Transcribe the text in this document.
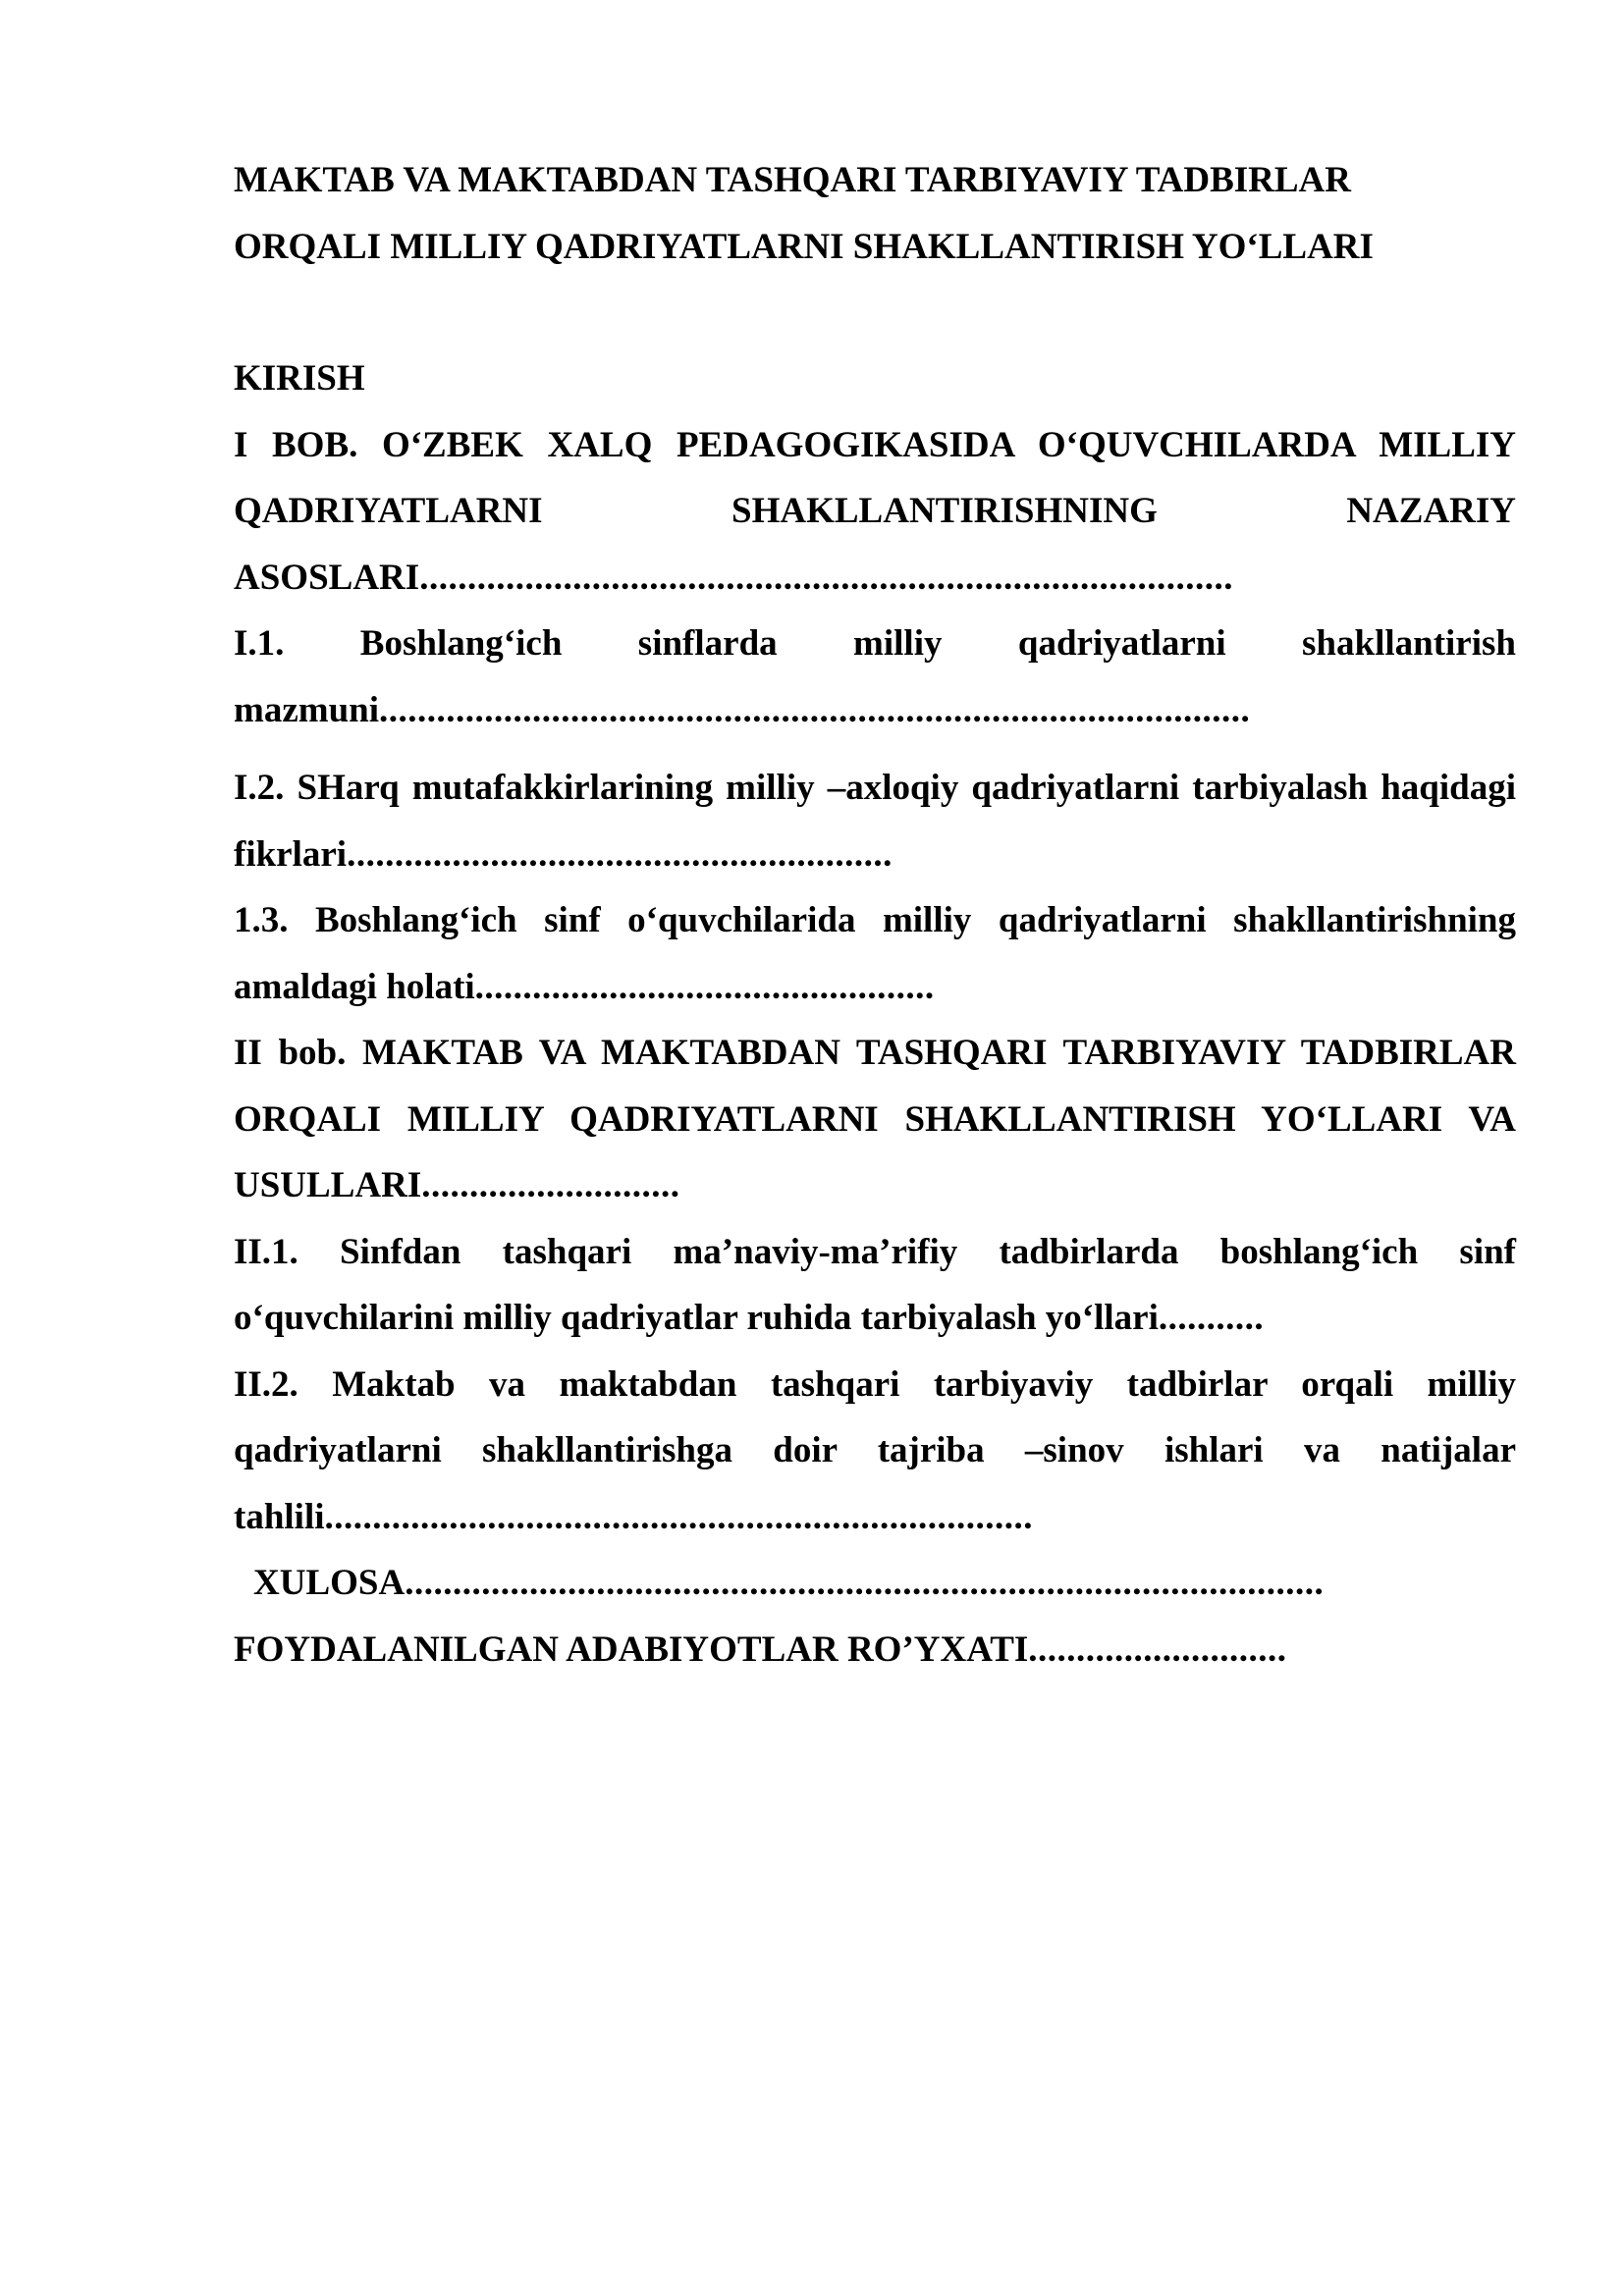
MAKTAB VA MAKTABDAN TASHQARI TARBIYAVIY TADBIRLAR

ORQALI MILLIY QADRIYATLARNI SHAKLLANTIRISH YO‘LLARI

KIRISH

I BOB. O‘ZBEK XALQ PEDAGOGIKASIDA O‘QUVCHILARDA MILLIY QADRIYATLARNI SHAKLLANTIRISHNING NAZARIY ASOSLARI.....................................................................................

I.1. Boshlang‘ich sinflarda milliy qadriyatlarni shakllantirish mazmuni...........................................................................................

I.2. SHarq mutafakkirlarining milliy –axloqiy qadriyatlarni tarbiyalash haqidagi fikrlari.........................................................

1.3. Boshlang‘ich sinf o‘quvchilarida milliy qadriyatlarni shakllantirishning amaldagi holati................................................

II bob. MAKTAB VA MAKTABDAN TASHQARI TARBIYAVIY TADBIRLAR ORQALI MILLIY QADRIYATLARNI SHAKLLANTIRISH YO‘LLARI VA USULLARI...........................

II.1. Sinfdan tashqari ma’naviy-ma’rifiy tadbirlarda boshlang‘ich sinf o‘quvchilarini milliy qadriyatlar ruhida tarbiyalash yo‘llari...........

II.2. Maktab va maktabdan tashqari tarbiyaviy tadbirlar orqali milliy qadriyatlarni shakllantirishga doir tajriba –sinov ishlari va natijalar tahlili..........................................................................

XULOSA................................................................................................

FOYDALANILGAN ADABIYOTLAR RO’YXATI...........................
